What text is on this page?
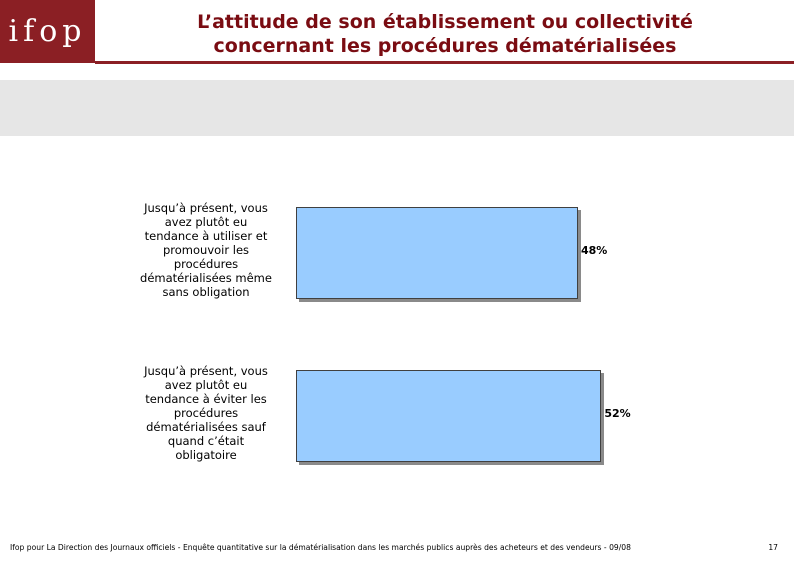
ifop	L’attitude de son établissement ou collectivité
concernant les procédures dématérialisées
Jusqu’à présent, vous
avez plutôt eu
tendance à utiliser et
promouvoir les
procédures
dématérialisées même
sans obligation
48%
Jusqu’à présent, vous
avez plutôt eu
tendance à éviter les
procédures
dématérialisées sauf
quand c’était
obligatoire
52%
Ifop pour La Direction des Journaux officiels - Enquête quantitative sur la dématérialisation dans les marchés publics auprès des acheteurs et des vendeurs - 09/08	17
